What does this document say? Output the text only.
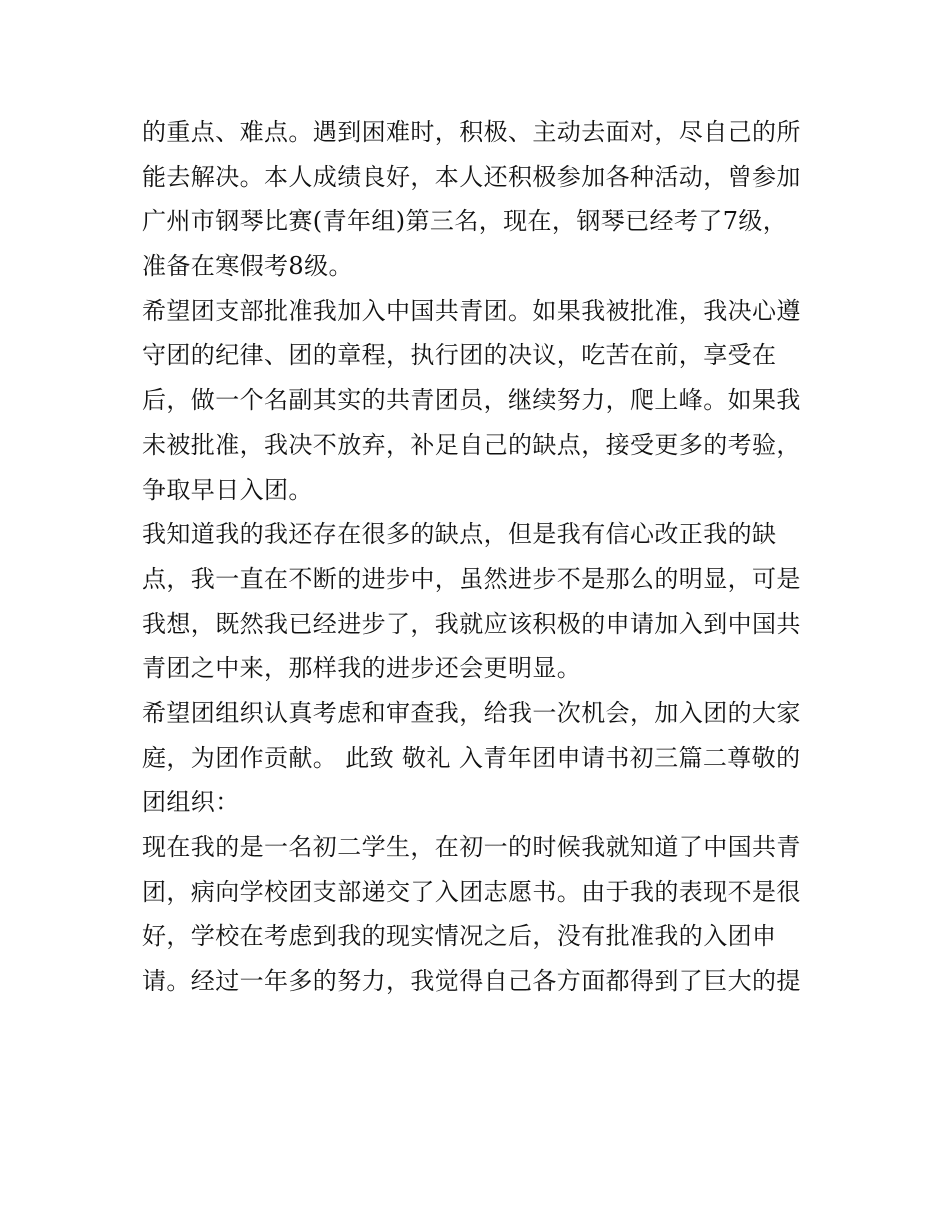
的重点、难点。遇到困难时，积极、主动去面对，尽自己的所
能去解决。本人成绩良好，本人还积极参加各种活动，曾参加
广州市钢琴比赛(青年组)第三名，现在，钢琴已经考了7级，
准备在寒假考8级。
希望团支部批准我加入中国共青团。如果我被批准，我决心遵
守团的纪律、团的章程，执行团的决议，吃苦在前，享受在
后，做一个名副其实的共青团员，继续努力，爬上峰。如果我
未被批准，我决不放弃，补足自己的缺点，接受更多的考验，
争取早日入团。
我知道我的我还存在很多的缺点，但是我有信心改正我的缺
点，我一直在不断的进步中，虽然进步不是那么的明显，可是
我想，既然我已经进步了，我就应该积极的申请加入到中国共
青团之中来，那样我的进步还会更明显。
希望团组织认真考虑和审查我，给我一次机会，加入团的大家
庭，为团作贡献。 此致 敬礼 入青年团申请书初三篇二尊敬的
团组织：
现在我的是一名初二学生，在初一的时候我就知道了中国共青
团，病向学校团支部递交了入团志愿书。由于我的表现不是很
好，学校在考虑到我的现实情况之后，没有批准我的入团申
请。经过一年多的努力，我觉得自己各方面都得到了巨大的提
